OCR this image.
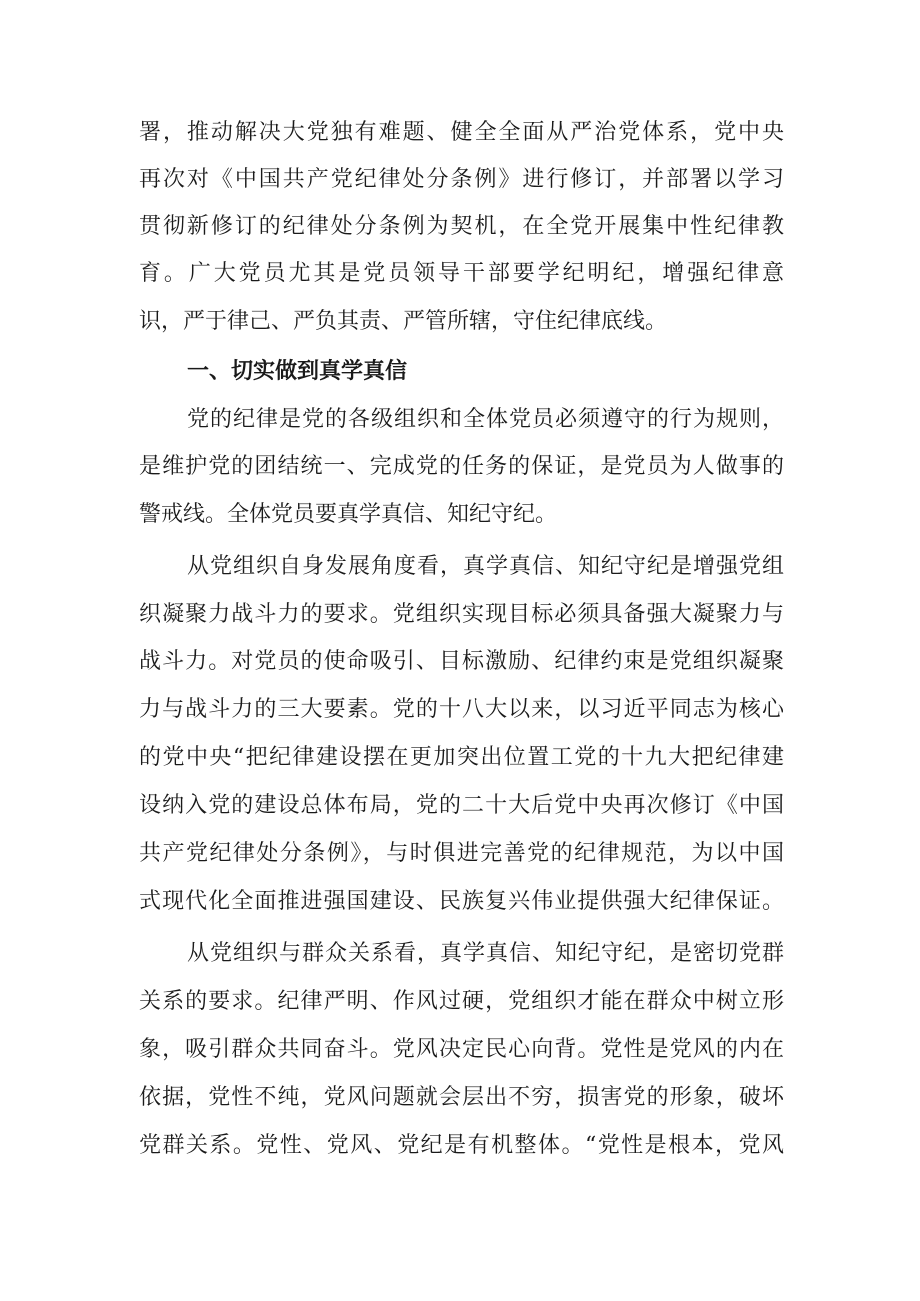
署，推动解决大党独有难题、健全全面从严治党体系，党中央
再次对《中国共产党纪律处分条例》进行修订，并部署以学习
贯彻新修订的纪律处分条例为契机，在全党开展集中性纪律教
育。广大党员尤其是党员领导干部要学纪明纪，增强纪律意
识，严于律己、严负其责、严管所辖，守住纪律底线。
一、切实做到真学真信
党的纪律是党的各级组织和全体党员必须遵守的行为规则，
是维护党的团结统一、完成党的任务的保证，是党员为人做事的
警戒线。全体党员要真学真信、知纪守纪。
从党组织自身发展角度看，真学真信、知纪守纪是增强党组
织凝聚力战斗力的要求。党组织实现目标必须具备强大凝聚力与
战斗力。对党员的使命吸引、目标激励、纪律约束是党组织凝聚
力与战斗力的三大要素。党的十八大以来，以习近平同志为核心
的党中央“把纪律建设摆在更加突出位置工党的十九大把纪律建
设纳入党的建设总体布局，党的二十大后党中央再次修订《中国
共产党纪律处分条例》，与时俱进完善党的纪律规范，为以中国
式现代化全面推进强国建设、民族复兴伟业提供强大纪律保证。
从党组织与群众关系看，真学真信、知纪守纪，是密切党群
关系的要求。纪律严明、作风过硬，党组织才能在群众中树立形
象，吸引群众共同奋斗。党风决定民心向背。党性是党风的内在
依据，党性不纯，党风问题就会层出不穷，损害党的形象，破坏
党群关系。党性、党风、党纪是有机整体。“党性是根本，党风
